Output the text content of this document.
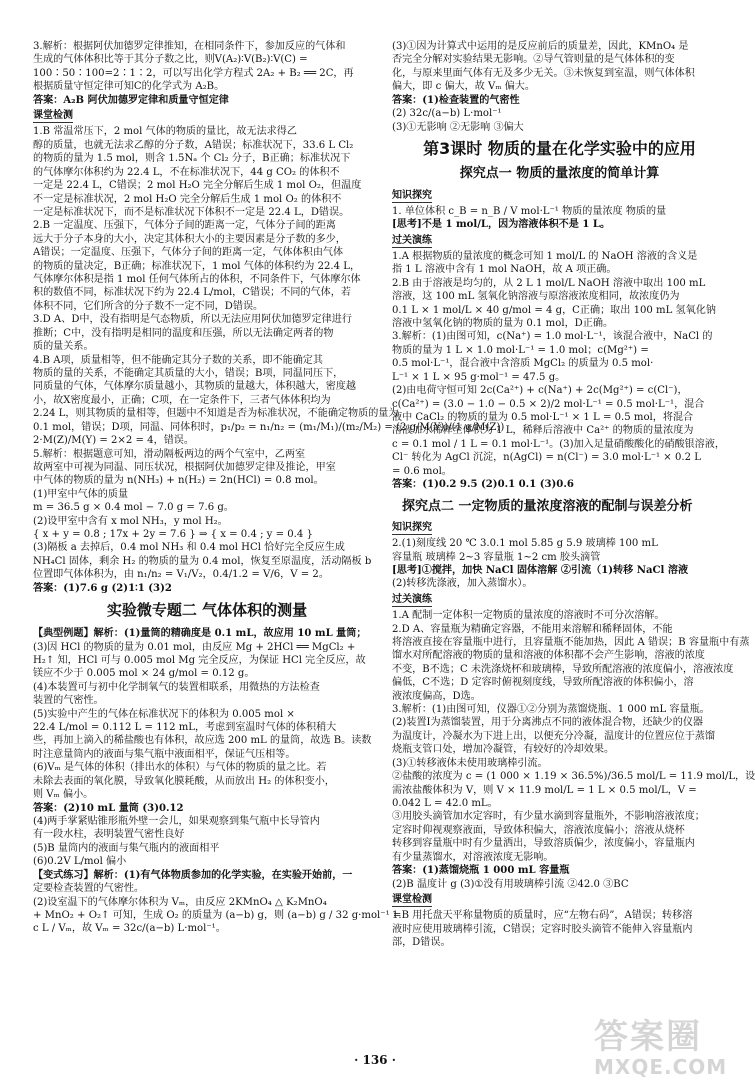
3.解析：根据阿伏加德罗定律推知，在相同条件下，参加反应的气体和

生成的气体体积比等于其分子数之比，则V(A₂)∶V(B₂)∶V(C) =

100∶50∶100=2∶1∶2，可以写出化学方程式 2A₂ + B₂ ══ 2C，再

根据质量守恒定律可知C的化学式为 A₂B。

答案：A₂B 阿伏加德罗定律和质量守恒定律

课堂检测

1.B 常温常压下，2 mol 气体的物质的量比，故无法求得乙

醇的质量，也就无法求乙醇的分子数，A错误；标准状况下，33.6 L Cl₂

的物质的量为 1.5 mol，则含 1.5Nₐ 个 Cl₂ 分子，B正确；标准状况下

的气体摩尔体积约为 22.4 L，不在标准状况下，44 g CO₂ 的体积不

一定是 22.4 L，C错误；2 mol H₂O 完全分解后生成 1 mol O₂，但温度

不一定是标准状况，2 mol H₂O 完全分解后生成 1 mol O₂ 的体积不

一定是标准状况下，而不是标准状况下体积不一定是 22.4 L，D错误。

2.B 一定温度、压强下，气体分子间的距离一定，气体分子间的距离

远大于分子本身的大小，决定其体积大小的主要因素是分子数的多少，

A错误；一定温度、压强下，气体分子间的距离一定，气体体积由气体

的物质的量决定，B正确；标准状况下，1 mol 气体的体积约为 22.4 L，

气体摩尔体积是指 1 mol 任何气体所占的体积，不同条件下，气体摩尔体

积的数值不同，标准状况下约为 22.4 L/mol，C错误；不同的气体，若

体积不同，它们所含的分子数不一定不同，D错误。

3.D A、D中，没有指明是气态物质，所以无法应用阿伏加德罗定律进行

推断；C中，没有指明是相同的温度和压强，所以无法确定两者的物

质的量关系。

4.B A项，质量相等，但不能确定其分子数的关系，即不能确定其

物质的量的关系，不能确定其质量的大小，错误；B项，同温同压下，

同质量的气体，气体摩尔质量越小，其物质的量越大，体积越大，密度越

小，故X密度最小，正确；C项，在一定条件下，三者气体体积均为

2.24 L，则其物质的量相等，但题中不知道是否为标准状况，不能确定物质的量为

0.1 mol，错误；D项，同温、同体积时，p₁/p₂ = n₁/n₂ = (m₁/M₁)/(m₂/M₂) = (2 g/M(Y))/(1 g/M(Z))

2·M(Z)/M(Y) = 2×2 = 4，错误。

5.解析：根据题意可知，滑动隔板两边的两个气室中，乙两室

故两室中可视为同温、同压状况，根据阿伏加德罗定律及推论，甲室

中气体的物质的量为 n(NH₃) + n(H₂) = 2n(HCl) = 0.8 mol。

(1)甲室中气体的质量

m = 36.5 g × 0.4 mol − 7.0 g = 7.6 g。

(2)设甲室中含有 x mol NH₃，y mol H₂。

{ x + y = 0.8 ; 17x + 2y = 7.6 } ⇒ { x = 0.4 ; y = 0.4 }

(3)隔板 a 去掉后，0.4 mol NH₃ 和 0.4 mol HCl 恰好完全反应生成

NH₄Cl 固体，剩余 H₂ 的物质的量为 0.4 mol，恢复至原温度，活动隔板 b

位置即气体体积为，由 n₁/n₂ = V₁/V₂，0.4/1.2 = V/6，V = 2。

答案：(1)7.6 g (2)1∶1 (3)2

实验微专题二 气体体积的测量

【典型例题】解析：(1)量筒的精确度是 0.1 mL，故应用 10 mL 量筒；

(3)因 HCl 的物质的量为 0.01 mol，由反应 Mg + 2HCl ══ MgCl₂ +

H₂↑ 知，HCl 可与 0.005 mol Mg 完全反应，为保证 HCl 完全反应，故

镁应不少于 0.005 mol × 24 g/mol = 0.12 g。

(4)本装置可与初中化学制氧气的装置相联系，用微热的方法检查

装置的气密性。

(5)实验中产生的气体在标准状况下的体积为 0.005 mol ×

22.4 L/mol = 0.112 L = 112 mL，考虑到室温时气体的体积稍大

些，再加上滴入的稀盐酸也有体积，故应选 200 mL 的量筒，故选 B。读数

时注意量筒内的液面与集气瓶中液面相平，保证气压相等。

(6)Vₘ 是气体的体积（排出水的体积）与气体的物质的量之比。若

未除去表面的氧化膜，导致氧化膜耗酸，从而放出 H₂ 的体积变小，

则 Vₘ 偏小。

答案：(2)10 mL 量筒 (3)0.12

(4)两手掌紧贴锥形瓶外壁一会儿，如果观察到集气瓶中长导管内

有一段水柱，表明装置气密性良好

(5)B 量筒内的液面与集气瓶内的液面相平

(6)0.2V L/mol 偏小

【变式练习】解析：(1)有气体物质参加的化学实验，在实验开始前，一

定要检查装置的气密性。

(2)设室温下的气体摩尔体积为 Vₘ，由反应 2KMnO₄ △ K₂MnO₄

+ MnO₂ + O₂↑ 可知，生成 O₂ 的质量为 (a−b) g，则 (a−b) g / 32 g·mol⁻¹ =

c L / Vₘ，故 Vₘ = 32c/(a−b) L·mol⁻¹。

(3)①因为计算式中运用的是反应前后的质量差，因此，KMnO₄ 是

否完全分解对实验结果无影响。②导气管则量的是气体体积的变

化，与原来里面气体有无及多少无关。③未恢复到室温，则气体体积

偏大，即 c 偏大，故 Vₘ 偏大。

答案：(1)检查装置的气密性

(2) 32c/(a−b) L·mol⁻¹

(3)①无影响 ②无影响 ③偏大

第3课时 物质的量在化学实验中的应用
探究点一 物质的量浓度的简单计算
知识探究

1. 单位体积 c_B = n_B / V mol·L⁻¹ 物质的量浓度 物质的量

[思考]不是 1 mol/L，因为溶液体积不是 1 L。

过关演练

1.A 根据物质的量浓度的概念可知 1 mol/L 的 NaOH 溶液的含义是

指 1 L 溶液中含有 1 mol NaOH，故 A 项正确。

2.B 由于溶液是均匀的，从 2 L 1 mol/L NaOH 溶液中取出 100 mL

溶液，这 100 mL 氢氧化钠溶液与原溶液浓度相同，故浓度仍为

0.1 L × 1 mol/L × 40 g/mol = 4 g，C正确；取出 100 mL 氢氧化钠

溶液中氢氧化钠的物质的量为 0.1 mol，D正确。

3.解析：(1)由图可知，c(Na⁺) = 1.0 mol·L⁻¹，该混合液中，NaCl 的

物质的量为 1 L × 1.0 mol·L⁻¹ = 1.0 mol；c(Mg²⁺) =

0.5 mol·L⁻¹，混合液中含溶质 MgCl₂ 的质量为 0.5 mol·

L⁻¹ × 1 L × 95 g·mol⁻¹ = 47.5 g。

(2)由电荷守恒可知 2c(Ca²⁺) + c(Na⁺) + 2c(Mg²⁺) = c(Cl⁻)，

c(Ca²⁺) = (3.0 − 1.0 − 0.5 × 2)/2 mol·L⁻¹ = 0.5 mol·L⁻¹，混合

液中 CaCl₂ 的物质的量为 0.5 mol·L⁻¹ × 1 L = 0.5 mol，将混合

溶液加水稀释至体积为 1 L，稀释后溶液中 Ca²⁺ 的物质的量浓度为

c = 0.1 mol / 1 L = 0.1 mol·L⁻¹。(3)加入足量硝酸酸化的硝酸银溶液，

Cl⁻ 转化为 AgCl 沉淀，n(AgCl) = n(Cl⁻) = 3.0 mol·L⁻¹ × 0.2 L

= 0.6 mol。

答案：(1)0.2 9.5 (2)0.1 0.1 (3)0.6

探究点二 一定物质的量浓度溶液的配制与误差分析
知识探究

2.(1)刻度线 20 ℃ 3.0.1 mol 5.85 g 5.9 玻璃棒 100 mL

容量瓶 玻璃棒 2~3 容量瓶 1~2 cm 胶头滴管

[思考]①搅拌，加快 NaCl 固体溶解 ②引流（1)转移 NaCl 溶液

(2)转移洗涤液，加入蒸馏水）。

过关演练

1.A 配制一定体积一定物质的量浓度的溶液时不可分次溶解。

2.D A、容量瓶为精确定容器，不能用来溶解和稀释固体，不能

将溶液直接在容量瓶中进行，且容量瓶不能加热，因此 A 错误；B 容量瓶中有蒸

馏水对所配溶液的物质的量和溶液的体积都不会产生影响，溶液的浓度

不变，B不选；C 未洗涤烧杯和玻璃棒，导致所配溶液的浓度偏小，溶液浓度

偏低，C不选；D 定容时俯视刻度线，导致所配溶液的体积偏小，溶

液浓度偏高，D选。

3.解析：(1)由图可知，仪器①②分别为蒸馏烧瓶、1 000 mL 容量瓶。

(2)装置Ⅰ为蒸馏装置，用于分离沸点不同的液体混合物，还缺少的仪器

为温度计，冷凝水为下进上出，以便充分冷凝，温度计的位置应位于蒸馏

烧瓶支管口处，增加冷凝管，有较好的冷却效果。

(3)①转移液体未使用玻璃棒引流。

②盐酸的浓度为 c = (1 000 × 1.19 × 36.5%)/36.5 mol/L = 11.9 mol/L，设

需浓盐酸体积为 V，则 V × 11.9 mol/L = 1 L × 0.5 mol/L，V =

0.042 L = 42.0 mL。

③用胶头滴管加水定容时，有少量水滴到容量瓶外，不影响溶液浓度；

定容时仰视观察液面，导致体积偏大，溶液浓度偏小；溶液从烧杯

转移到容量瓶中时有少量洒出，导致溶质偏少，浓度偏小，容量瓶内

有少量蒸馏水，对溶液浓度无影响。

答案：(1)蒸馏烧瓶 1 000 mL 容量瓶

(2)B 温度计 g (3)①没有用玻璃棒引流 ②42.0 ③BC

课堂检测

1.B 用托盘天平称量物质的质量时，应“左物右码”，A错误；转移溶

液时应使用玻璃棒引流，C错误；定容时胶头滴管不能伸入容量瓶内

部，D错误。

· 136 ·
答案圈
MXQE.COM
